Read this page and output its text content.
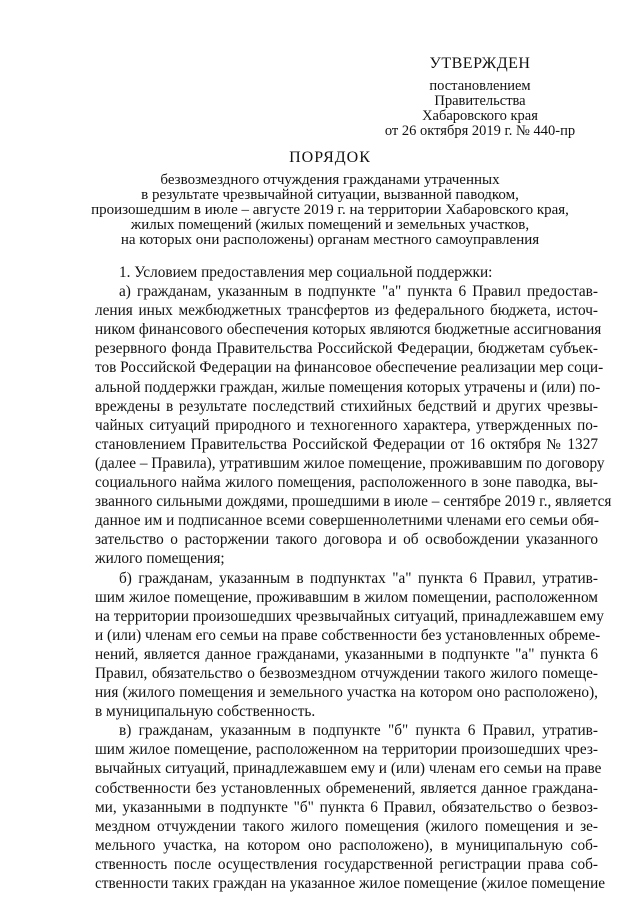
УТВЕРЖДЕН
постановлением
Правительства
Хабаровского края
от 26 октября 2019 г. № 440-пр
ПОРЯДОК
безвозмездного отчуждения гражданами утраченных
в результате чрезвычайной ситуации, вызванной паводком,
произошедшим в июле – августе 2019 г. на территории Хабаровского края,
жилых помещений (жилых помещений и земельных участков,
на которых они расположены) органам местного самоуправления
1. Условием предоставления мер социальной поддержки:
а) гражданам, указанным в подпункте "а" пункта 6 Правил предостав-
ления иных межбюджетных трансфертов из федерального бюджета, источ-
ником финансового обеспечения которых являются бюджетные ассигнования
резервного фонда Правительства Российской Федерации, бюджетам субъек-
тов Российской Федерации на финансовое обеспечение реализации мер соци-
альной поддержки граждан, жилые помещения которых утрачены и (или) по-
вреждены в результате последствий стихийных бедствий и других чрезвы-
чайных ситуаций природного и техногенного характера, утвержденных по-
становлением Правительства Российской Федерации от 16 октября № 1327
(далее – Правила), утратившим жилое помещение, проживавшим по договору
социального найма жилого помещения, расположенного в зоне паводка, вы-
званного сильными дождями, прошедшими в июле – сентябре 2019 г., является
данное им и подписанное всеми совершеннолетними членами его семьи обя-
зательство о расторжении такого договора и об освобождении указанного
жилого помещения;
б) гражданам, указанным в подпунктах "а" пункта 6 Правил, утратив-
шим жилое помещение, проживавшим в жилом помещении, расположенном
на территории произошедших чрезвычайных ситуаций, принадлежавшем ему
и (или) членам его семьи на праве собственности без установленных обреме-
нений, является данное гражданами, указанными в подпункте "а" пункта 6
Правил, обязательство о безвозмездном отчуждении такого жилого помеще-
ния (жилого помещения и земельного участка на котором оно расположено),
в муниципальную собственность.
в) гражданам, указанным в подпункте "б" пункта 6 Правил, утратив-
шим жилое помещение, расположенном на территории произошедших чрез-
вычайных ситуаций, принадлежавшем ему и (или) членам его семьи на праве
собственности без установленных обременений, является данное граждана-
ми, указанными в подпункте "б" пункта 6 Правил, обязательство о безвоз-
мездном отчуждении такого жилого помещения (жилого помещения и зе-
мельного участка, на котором оно расположено), в муниципальную соб-
ственность после осуществления государственной регистрации права соб-
ственности таких граждан на указанное жилое помещение (жилое помещение
